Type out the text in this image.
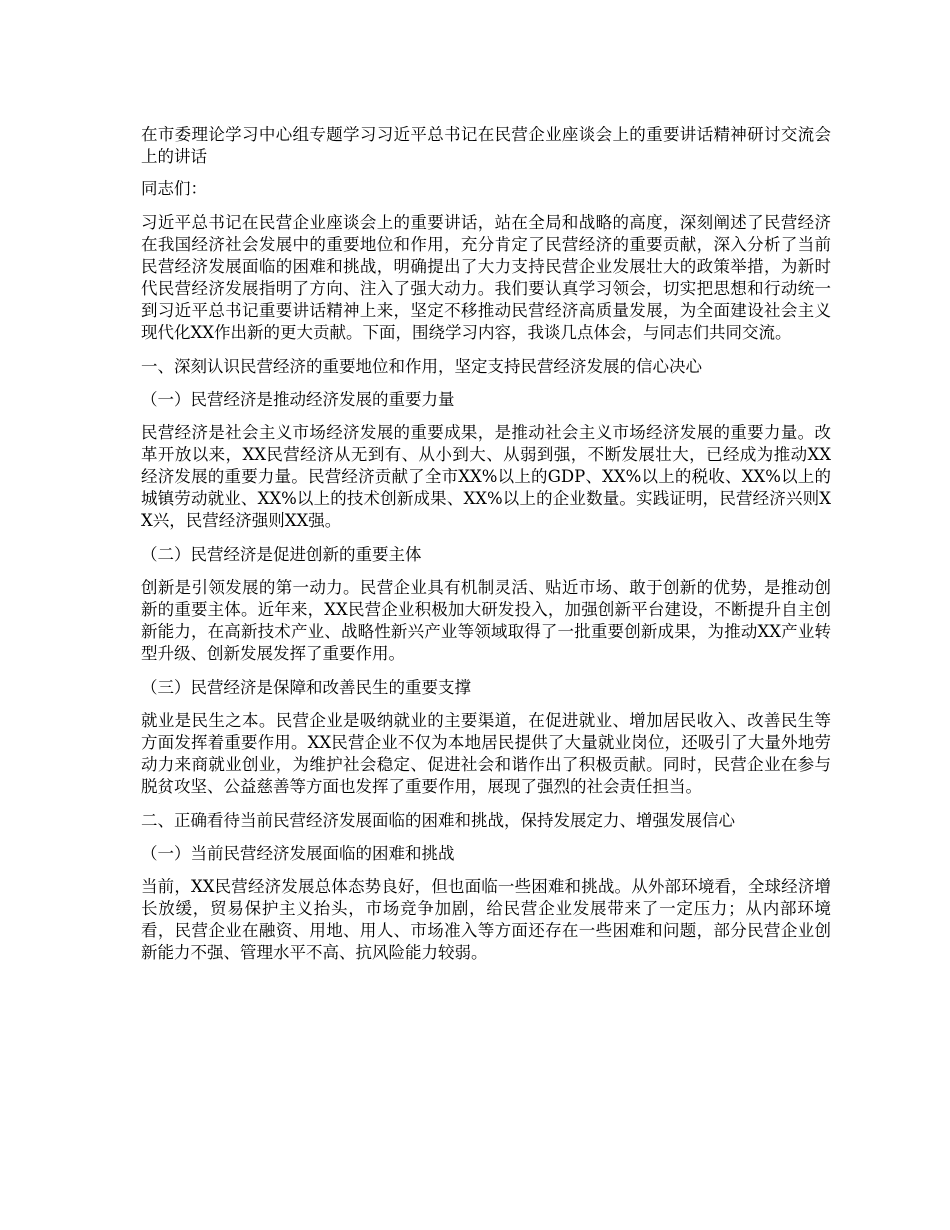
在市委理论学习中心组专题学习习近平总书记在民营企业座谈会上的重要讲话精神研讨交流会上的讲话

同志们：

习近平总书记在民营企业座谈会上的重要讲话，站在全局和战略的高度，深刻阐述了民营经济在我国经济社会发展中的重要地位和作用，充分肯定了民营经济的重要贡献，深入分析了当前民营经济发展面临的困难和挑战，明确提出了大力支持民营企业发展壮大的政策举措，为新时代民营经济发展指明了方向、注入了强大动力。我们要认真学习领会，切实把思想和行动统一到习近平总书记重要讲话精神上来，坚定不移推动民营经济高质量发展，为全面建设社会主义现代化XX作出新的更大贡献。下面，围绕学习内容，我谈几点体会，与同志们共同交流。

一、深刻认识民营经济的重要地位和作用，坚定支持民营经济发展的信心决心

（一）民营经济是推动经济发展的重要力量

民营经济是社会主义市场经济发展的重要成果，是推动社会主义市场经济发展的重要力量。改革开放以来，XX民营经济从无到有、从小到大、从弱到强，不断发展壮大，已经成为推动XX经济发展的重要力量。民营经济贡献了全市XX%以上的GDP、XX%以上的税收、XX%以上的城镇劳动就业、XX%以上的技术创新成果、XX%以上的企业数量。实践证明，民营经济兴则XX兴，民营经济强则XX强。

（二）民营经济是促进创新的重要主体

创新是引领发展的第一动力。民营企业具有机制灵活、贴近市场、敢于创新的优势，是推动创新的重要主体。近年来，XX民营企业积极加大研发投入，加强创新平台建设，不断提升自主创新能力，在高新技术产业、战略性新兴产业等领域取得了一批重要创新成果，为推动XX产业转型升级、创新发展发挥了重要作用。

（三）民营经济是保障和改善民生的重要支撑

就业是民生之本。民营企业是吸纳就业的主要渠道，在促进就业、增加居民收入、改善民生等方面发挥着重要作用。XX民营企业不仅为本地居民提供了大量就业岗位，还吸引了大量外地劳动力来商就业创业，为维护社会稳定、促进社会和谐作出了积极贡献。同时，民营企业在参与脱贫攻坚、公益慈善等方面也发挥了重要作用，展现了强烈的社会责任担当。

二、正确看待当前民营经济发展面临的困难和挑战，保持发展定力、增强发展信心

（一）当前民营经济发展面临的困难和挑战

当前，XX民营经济发展总体态势良好，但也面临一些困难和挑战。从外部环境看，全球经济增长放缓，贸易保护主义抬头，市场竞争加剧，给民营企业发展带来了一定压力；从内部环境看，民营企业在融资、用地、用人、市场准入等方面还存在一些困难和问题，部分民营企业创新能力不强、管理水平不高、抗风险能力较弱。
